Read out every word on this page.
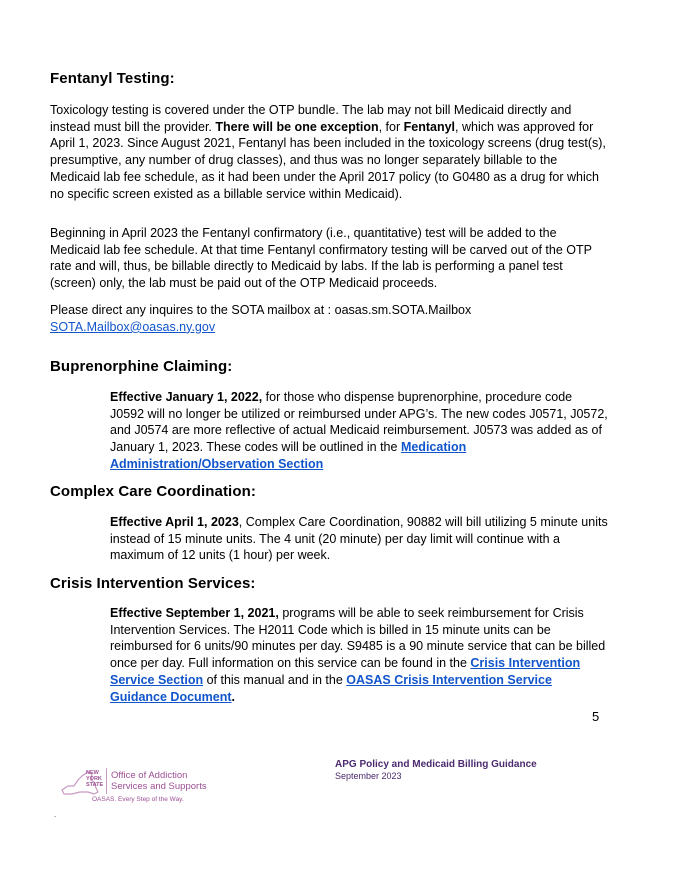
Fentanyl Testing:

Toxicology testing is covered under the OTP bundle. The lab may not bill Medicaid directly and instead must bill the provider. There will be one exception, for Fentanyl, which was approved for April 1, 2023. Since August 2021, Fentanyl has been included in the toxicology screens (drug test(s), presumptive, any number of drug classes), and thus was no longer separately billable to the Medicaid lab fee schedule, as it had been under the April 2017 policy (to G0480 as a drug for which no specific screen existed as a billable service within Medicaid).

Beginning in April 2023 the Fentanyl confirmatory (i.e., quantitative) test will be added to the Medicaid lab fee schedule. At that time Fentanyl confirmatory testing will be carved out of the OTP rate and will, thus, be billable directly to Medicaid by labs. If the lab is performing a panel test (screen) only, the lab must be paid out of the OTP Medicaid proceeds.

Please direct any inquires to the SOTA mailbox at : oasas.sm.SOTA.Mailbox
SOTA.Mailbox@oasas.ny.gov

Buprenorphine Claiming:

Effective January 1, 2022, for those who dispense buprenorphine, procedure code J0592 will no longer be utilized or reimbursed under APG’s. The new codes J0571, J0572, and J0574 are more reflective of actual Medicaid reimbursement. J0573 was added as of January 1, 2023. These codes will be outlined in the Medication Administration/Observation Section

Complex Care Coordination:

Effective April 1, 2023, Complex Care Coordination, 90882 will bill utilizing 5 minute units instead of 15 minute units. The 4 unit (20 minute) per day limit will continue with a maximum of 12 units (1 hour) per week.

Crisis Intervention Services:

Effective September 1, 2021, programs will be able to seek reimbursement for Crisis Intervention Services. The H2011 Code which is billed in 15 minute units can be reimbursed for 6 units/90 minutes per day. S9485 is a 90 minute service that can be billed once per day. Full information on this service can be found in the Crisis Intervention Service Section of this manual and in the OASAS Crisis Intervention Service Guidance Document.

5
NEW YORK STATE
Office of Addiction
Services and Supports
OASAS. Every Step of the Way.
APG Policy and Medicaid Billing Guidance
September 2023
.
